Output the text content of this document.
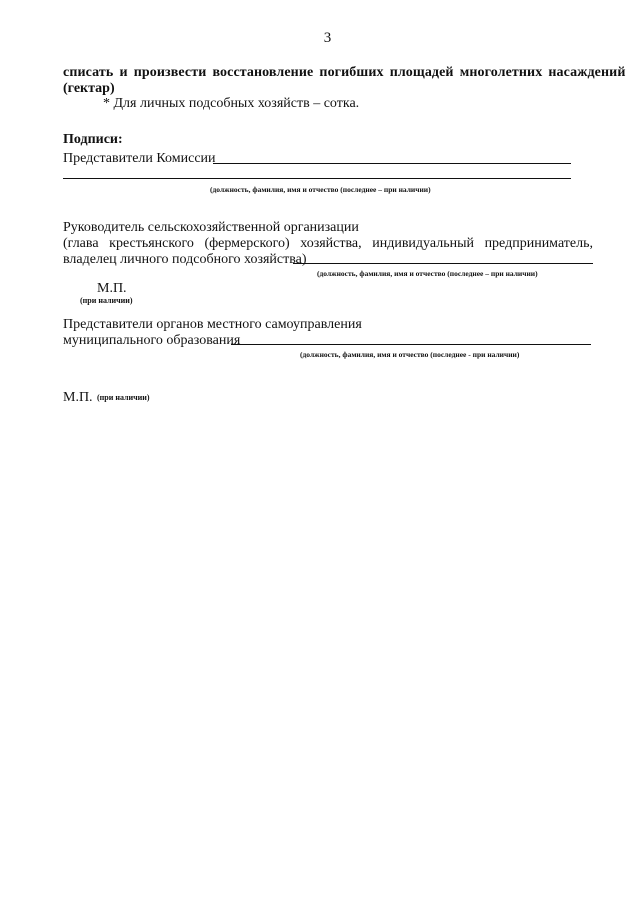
3
списать и произвести восстановление погибших площадей многолетних насаждений
(гектар)
* Для личных подсобных хозяйств – сотка.
Подписи:
Представители Комиссии
(должность, фамилия, имя и отчество (последнее – при наличии)
Руководитель сельскохозяйственной организации
(глава крестьянского (фермерского) хозяйства, индивидуальный предприниматель,
владелец личного подсобного хозяйства)
(должность, фамилия, имя и отчество (последнее – при наличии)
М.П.
(при наличии)
Представители органов местного самоуправления
муниципального образования
(должность, фамилия, имя и отчество (последнее - при наличии)
М.П. (при наличии)
